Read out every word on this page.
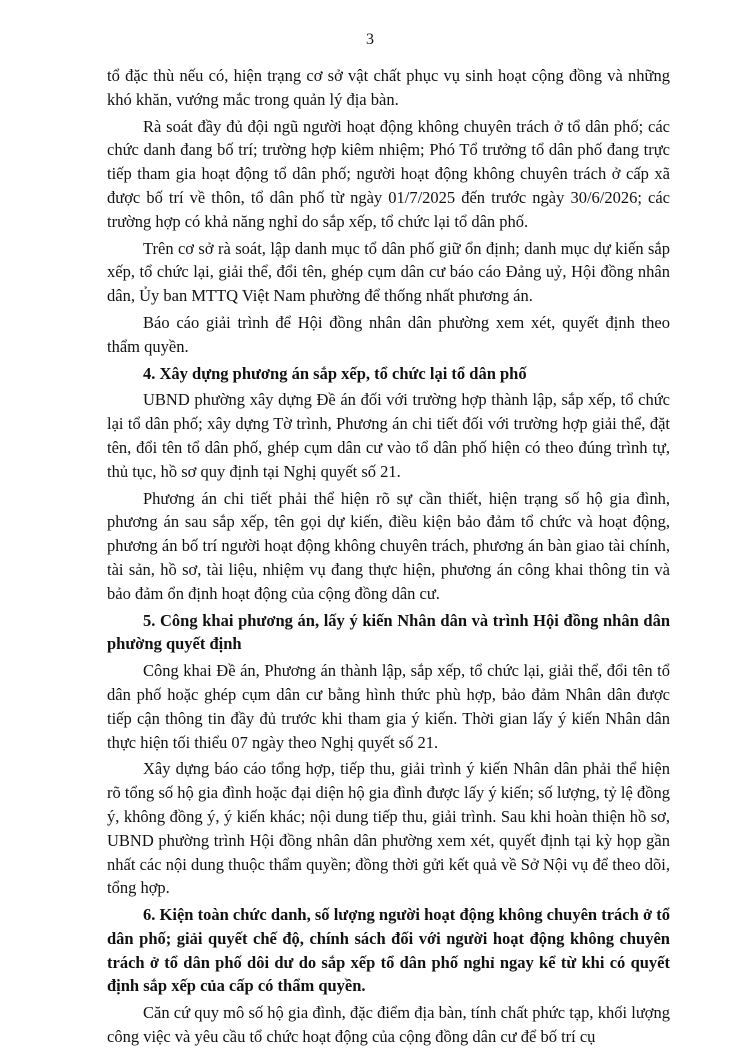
3

tổ đặc thù nếu có, hiện trạng cơ sở vật chất phục vụ sinh hoạt cộng đồng và những khó khăn, vướng mắc trong quản lý địa bàn.

Rà soát đầy đủ đội ngũ người hoạt động không chuyên trách ở tổ dân phố; các chức danh đang bố trí; trường hợp kiêm nhiệm; Phó Tổ trưởng tổ dân phố đang trực tiếp tham gia hoạt động tổ dân phố; người hoạt động không chuyên trách ở cấp xã được bố trí về thôn, tổ dân phố từ ngày 01/7/2025 đến trước ngày 30/6/2026; các trường hợp có khả năng nghỉ do sắp xếp, tổ chức lại tổ dân phố.

Trên cơ sở rà soát, lập danh mục tổ dân phố giữ ổn định; danh mục dự kiến sắp xếp, tổ chức lại, giải thể, đổi tên, ghép cụm dân cư báo cáo Đảng uỷ, Hội đồng nhân dân, Ủy ban MTTQ Việt Nam phường để thống nhất phương án.

Báo cáo giải trình để Hội đồng nhân dân phường xem xét, quyết định theo thẩm quyền.

4. Xây dựng phương án sắp xếp, tổ chức lại tổ dân phố

UBND phường xây dựng Đề án đối với trường hợp thành lập, sắp xếp, tổ chức lại tổ dân phố; xây dựng Tờ trình, Phương án chi tiết đối với trường hợp giải thể, đặt tên, đổi tên tổ dân phố, ghép cụm dân cư vào tổ dân phố hiện có theo đúng trình tự, thủ tục, hồ sơ quy định tại Nghị quyết số 21.

Phương án chi tiết phải thể hiện rõ sự cần thiết, hiện trạng số hộ gia đình, phương án sau sắp xếp, tên gọi dự kiến, điều kiện bảo đảm tổ chức và hoạt động, phương án bố trí người hoạt động không chuyên trách, phương án bàn giao tài chính, tài sản, hồ sơ, tài liệu, nhiệm vụ đang thực hiện, phương án công khai thông tin và bảo đảm ổn định hoạt động của cộng đồng dân cư.

5. Công khai phương án, lấy ý kiến Nhân dân và trình Hội đồng nhân dân phường quyết định

Công khai Đề án, Phương án thành lập, sắp xếp, tổ chức lại, giải thể, đổi tên tổ dân phố hoặc ghép cụm dân cư bằng hình thức phù hợp, bảo đảm Nhân dân được tiếp cận thông tin đầy đủ trước khi tham gia ý kiến. Thời gian lấy ý kiến Nhân dân thực hiện tối thiểu 07 ngày theo Nghị quyết số 21.

Xây dựng báo cáo tổng hợp, tiếp thu, giải trình ý kiến Nhân dân phải thể hiện rõ tổng số hộ gia đình hoặc đại diện hộ gia đình được lấy ý kiến; số lượng, tỷ lệ đồng ý, không đồng ý, ý kiến khác; nội dung tiếp thu, giải trình. Sau khi hoàn thiện hồ sơ, UBND phường trình Hội đồng nhân dân phường xem xét, quyết định tại kỳ họp gần nhất các nội dung thuộc thẩm quyền; đồng thời gửi kết quả về Sở Nội vụ để theo dõi, tổng hợp.

6. Kiện toàn chức danh, số lượng người hoạt động không chuyên trách ở tổ dân phố; giải quyết chế độ, chính sách đối với người hoạt động không chuyên trách ở tổ dân phố dôi dư do sắp xếp tổ dân phố nghỉ ngay kể từ khi có quyết định sắp xếp của cấp có thẩm quyền.

Căn cứ quy mô số hộ gia đình, đặc điểm địa bàn, tính chất phức tạp, khối lượng công việc và yêu cầu tổ chức hoạt động của cộng đồng dân cư để bố trí cụ
